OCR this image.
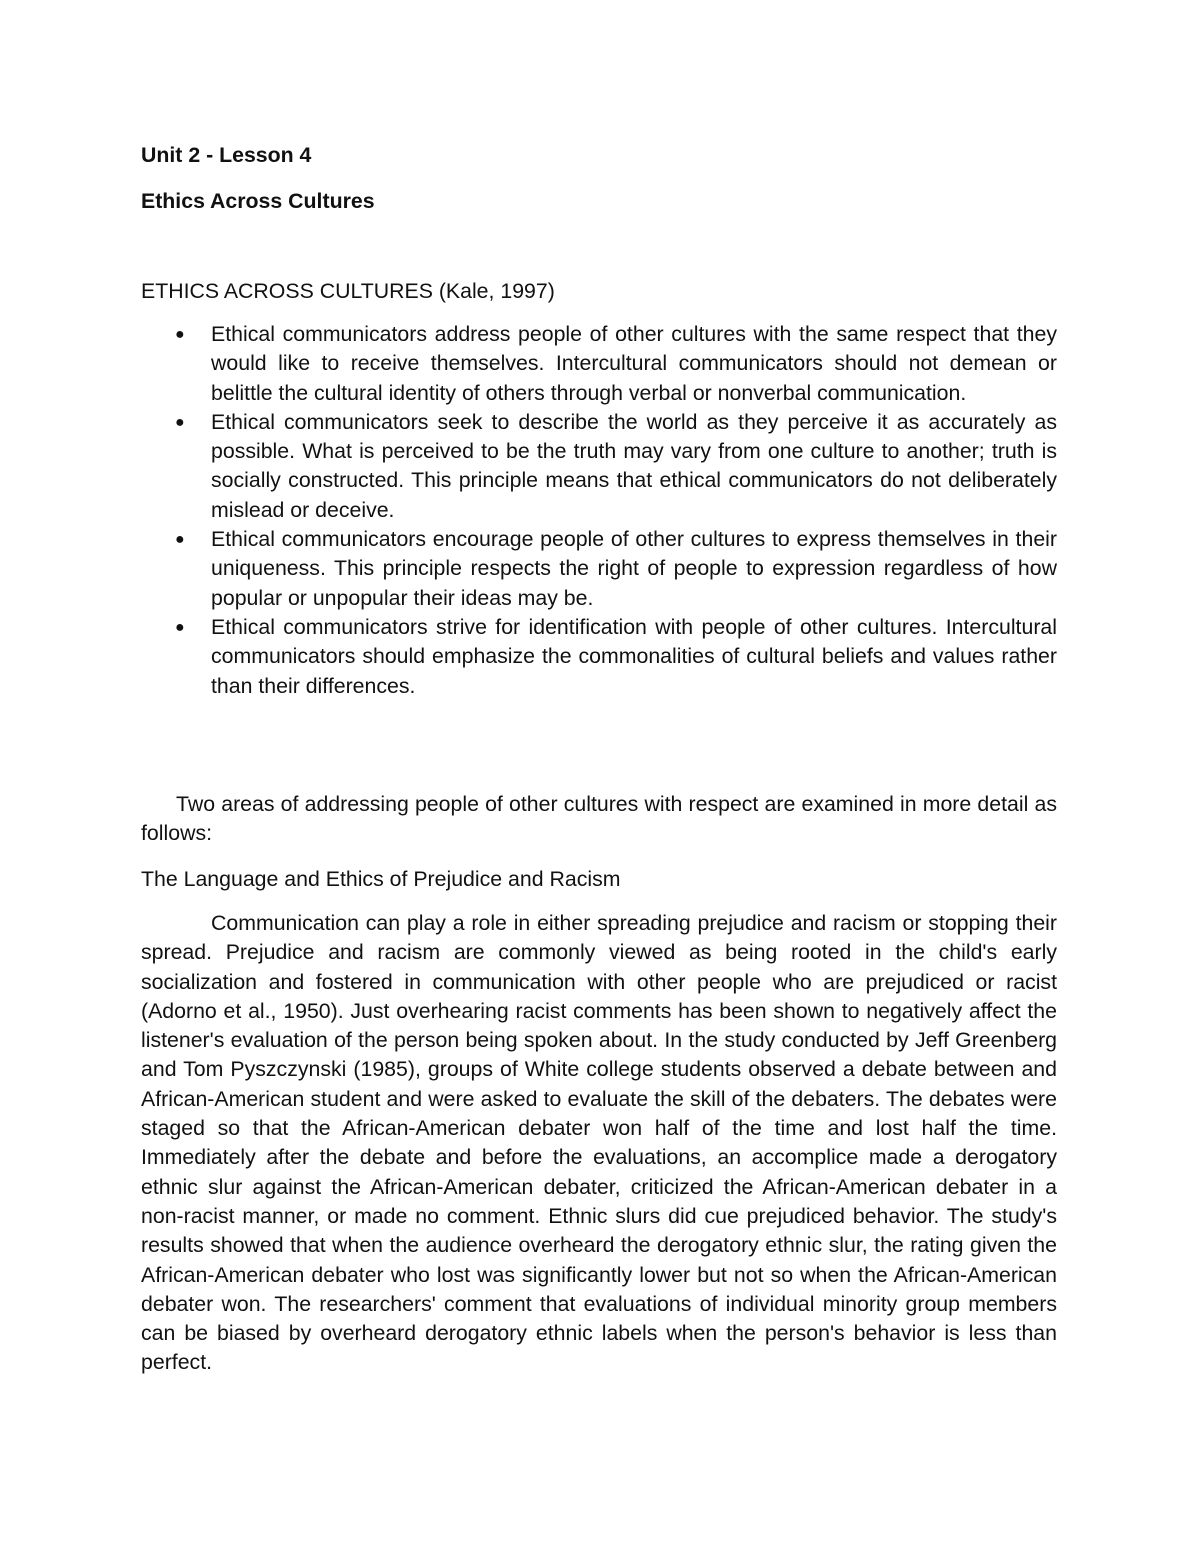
Unit 2 - Lesson 4
Ethics Across Cultures
ETHICS ACROSS CULTURES (Kale, 1997)
● Ethical communicators address people of other cultures with the same respect that they would like to receive themselves. Intercultural communicators should not demean or belittle the cultural identity of others through verbal or nonverbal communication.
● Ethical communicators seek to describe the world as they perceive it as accurately as possible. What is perceived to be the truth may vary from one culture to another; truth is socially constructed. This principle means that ethical communicators do not deliberately mislead or deceive.
● Ethical communicators encourage people of other cultures to express themselves in their uniqueness. This principle respects the right of people to expression regardless of how popular or unpopular their ideas may be.
● Ethical communicators strive for identification with people of other cultures. Intercultural communicators should emphasize the commonalities of cultural beliefs and values rather than their differences.
Two areas of addressing people of other cultures with respect are examined in more detail as follows:
The Language and Ethics of Prejudice and Racism
Communication can play a role in either spreading prejudice and racism or stopping their spread. Prejudice and racism are commonly viewed as being rooted in the child's early socialization and fostered in communication with other people who are prejudiced or racist (Adorno et al., 1950). Just overhearing racist comments has been shown to negatively affect the listener's evaluation of the person being spoken about. In the study conducted by Jeff Greenberg and Tom Pyszczynski (1985), groups of White college students observed a debate between and African-American student and were asked to evaluate the skill of the debaters. The debates were staged so that the African-American debater won half of the time and lost half the time. Immediately after the debate and before the evaluations, an accomplice made a derogatory ethnic slur against the African-American debater, criticized the African-American debater in a non-racist manner, or made no comment. Ethnic slurs did cue prejudiced behavior. The study's results showed that when the audience overheard the derogatory ethnic slur, the rating given the African-American debater who lost was significantly lower but not so when the African-American debater won. The researchers' comment that evaluations of individual minority group members can be biased by overheard derogatory ethnic labels when the person's behavior is less than perfect.
